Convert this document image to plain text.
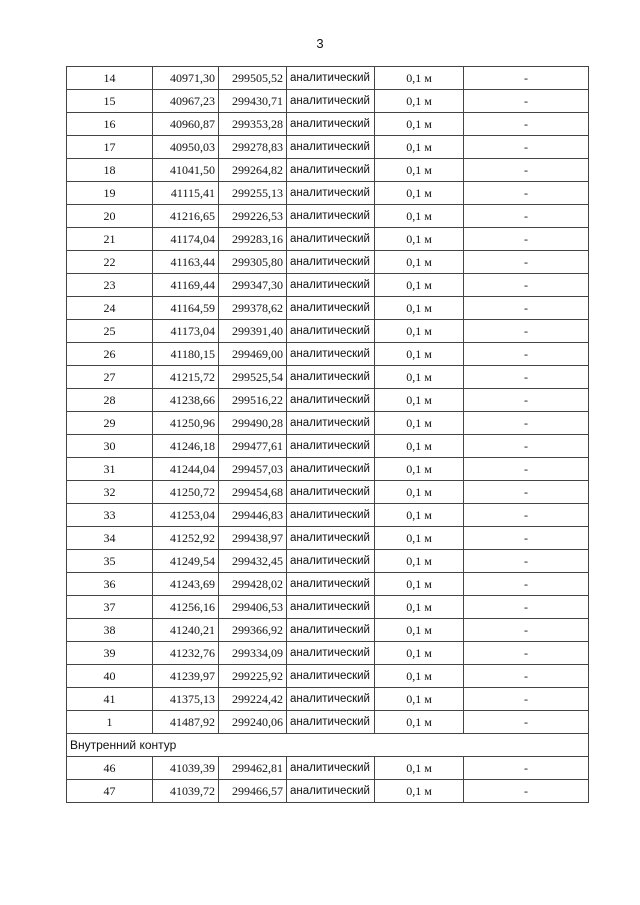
3
14	40971,30	299505,52	аналитический	0,1 м	-
15	40967,23	299430,71	аналитический	0,1 м	-
16	40960,87	299353,28	аналитический	0,1 м	-
17	40950,03	299278,83	аналитический	0,1 м	-
18	41041,50	299264,82	аналитический	0,1 м	-
19	41115,41	299255,13	аналитический	0,1 м	-
20	41216,65	299226,53	аналитический	0,1 м	-
21	41174,04	299283,16	аналитический	0,1 м	-
22	41163,44	299305,80	аналитический	0,1 м	-
23	41169,44	299347,30	аналитический	0,1 м	-
24	41164,59	299378,62	аналитический	0,1 м	-
25	41173,04	299391,40	аналитический	0,1 м	-
26	41180,15	299469,00	аналитический	0,1 м	-
27	41215,72	299525,54	аналитический	0,1 м	-
28	41238,66	299516,22	аналитический	0,1 м	-
29	41250,96	299490,28	аналитический	0,1 м	-
30	41246,18	299477,61	аналитический	0,1 м	-
31	41244,04	299457,03	аналитический	0,1 м	-
32	41250,72	299454,68	аналитический	0,1 м	-
33	41253,04	299446,83	аналитический	0,1 м	-
34	41252,92	299438,97	аналитический	0,1 м	-
35	41249,54	299432,45	аналитический	0,1 м	-
36	41243,69	299428,02	аналитический	0,1 м	-
37	41256,16	299406,53	аналитический	0,1 м	-
38	41240,21	299366,92	аналитический	0,1 м	-
39	41232,76	299334,09	аналитический	0,1 м	-
40	41239,97	299225,92	аналитический	0,1 м	-
41	41375,13	299224,42	аналитический	0,1 м	-
1	41487,92	299240,06	аналитический	0,1 м	-
Внутренний контур					
46	41039,39	299462,81	аналитический	0,1 м	-
47	41039,72	299466,57	аналитический	0,1 м	-
